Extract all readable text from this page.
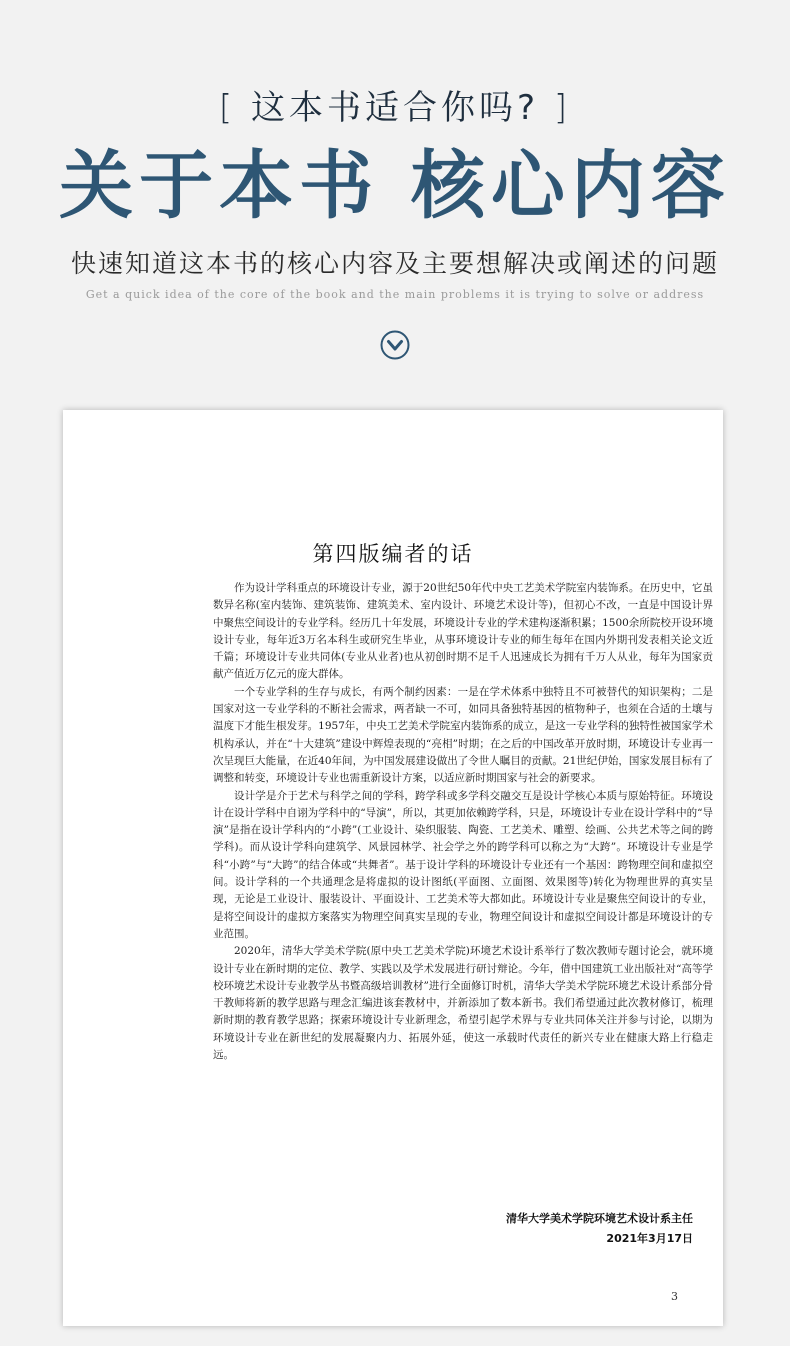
[ 这本书适合你吗? ]
关于本书 核心内容
快速知道这本书的核心内容及主要想解决或阐述的问题
Get a quick idea of the core of the book and the main problems it is trying to solve or address
第四版编者的话

作为设计学科重点的环境设计专业，源于20世纪50年代中央工艺美术学院室内装饰系。在历史中，它虽数异名称(室内装饰、建筑装饰、建筑美术、室内设计、环境艺术设计等)，但初心不改，一直是中国设计界中聚焦空间设计的专业学科。经历几十年发展，环境设计专业的学术建构逐渐积累；1500余所院校开设环境设计专业，每年近3万名本科生或研究生毕业，从事环境设计专业的师生每年在国内外期刊发表相关论文近千篇；环境设计专业共同体(专业从业者)也从初创时期不足千人迅速成长为拥有千万人从业，每年为国家贡献产值近万亿元的庞大群体。

一个专业学科的生存与成长，有两个制约因素：一是在学术体系中独特且不可被替代的知识架构；二是国家对这一专业学科的不断社会需求，两者缺一不可，如同具备独特基因的植物种子，也须在合适的土壤与温度下才能生根发芽。1957年，中央工艺美术学院室内装饰系的成立，是这一专业学科的独特性被国家学术机构承认，并在“十大建筑”建设中辉煌表现的“亮相”时期；在之后的中国改革开放时期，环境设计专业再一次呈现巨大能量，在近40年间，为中国发展建设做出了令世人瞩目的贡献。21世纪伊始，国家发展目标有了调整和转变，环境设计专业也需重新设计方案，以适应新时期国家与社会的新要求。

设计学是介于艺术与科学之间的学科，跨学科或多学科交融交互是设计学核心本质与原始特征。环境设计在设计学科中自诩为学科中的“导演”，所以，其更加依赖跨学科，只是，环境设计专业在设计学科中的“导演”是指在设计学科内的“小跨”(工业设计、染织服装、陶瓷、工艺美术、雕塑、绘画、公共艺术等之间的跨学科)。而从设计学科向建筑学、风景园林学、社会学之外的跨学科可以称之为“大跨”。环境设计专业是学科“小跨”与“大跨”的结合体或“共舞者”。基于设计学科的环境设计专业还有一个基因：跨物理空间和虚拟空间。设计学科的一个共通理念是将虚拟的设计图纸(平面图、立面图、效果图等)转化为物理世界的真实呈现，无论是工业设计、服装设计、平面设计、工艺美术等大都如此。环境设计专业是聚焦空间设计的专业，是将空间设计的虚拟方案落实为物理空间真实呈现的专业，物理空间设计和虚拟空间设计都是环境设计的专业范围。

2020年，清华大学美术学院(原中央工艺美术学院)环境艺术设计系举行了数次教师专题讨论会，就环境设计专业在新时期的定位、教学、实践以及学术发展进行研讨辩论。今年，借中国建筑工业出版社对“高等学校环境艺术设计专业教学丛书暨高级培训教材”进行全面修订时机，清华大学美术学院环境艺术设计系部分骨干教师将新的教学思路与理念汇编进该套教材中，并新添加了数本新书。我们希望通过此次教材修订，梳理新时期的教育教学思路；探索环境设计专业新理念，希望引起学术界与专业共同体关注并参与讨论，以期为环境设计专业在新世纪的发展凝聚内力、拓展外延，使这一承载时代责任的新兴专业在健康大路上行稳走远。

清华大学美术学院环境艺术设计系主任
2021年3月17日
3
